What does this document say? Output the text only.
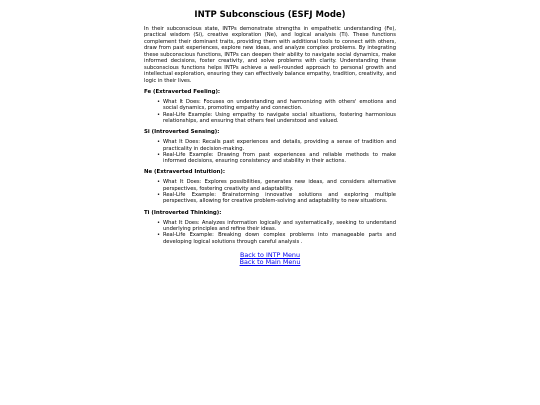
INTP Subconscious (ESFJ Mode)

In their subconscious state, INTPs demonstrate strengths in empathetic understanding (Fe), practical wisdom (Si), creative exploration (Ne), and logical analysis (Ti). These functions complement their dominant traits, providing them with additional tools to connect with others, draw from past experiences, explore new ideas, and analyze complex problems. By integrating these subconscious functions, INTPs can deepen their ability to navigate social dynamics, make informed decisions, foster creativity, and solve problems with clarity. Understanding these subconscious functions helps INTPs achieve a well-rounded approach to personal growth and intellectual exploration, ensuring they can effectively balance empathy, tradition, creativity, and logic in their lives.

Fe (Extraverted Feeling):
• What It Does: Focuses on understanding and harmonizing with others' emotions and social dynamics, promoting empathy and connection.
• Real-Life Example: Using empathy to navigate social situations, fostering harmonious relationships, and ensuring that others feel understood and valued.
Si (Introverted Sensing):
• What It Does: Recalls past experiences and details, providing a sense of tradition and practicality in decision-making.
• Real-Life Example: Drawing from past experiences and reliable methods to make informed decisions, ensuring consistency and stability in their actions.
Ne (Extraverted Intuition):
• What It Does: Explores possibilities, generates new ideas, and considers alternative perspectives, fostering creativity and adaptability.
• Real-Life Example: Brainstorming innovative solutions and exploring multiple perspectives, allowing for creative problem-solving and adaptability to new situations.
Ti (Introverted Thinking):
• What It Does: Analyzes information logically and systematically, seeking to understand underlying principles and refine their ideas.
• Real-Life Example: Breaking down complex problems into manageable parts and developing logical solutions through careful analysis .
Back to INTP Menu
Back to Main Menu
